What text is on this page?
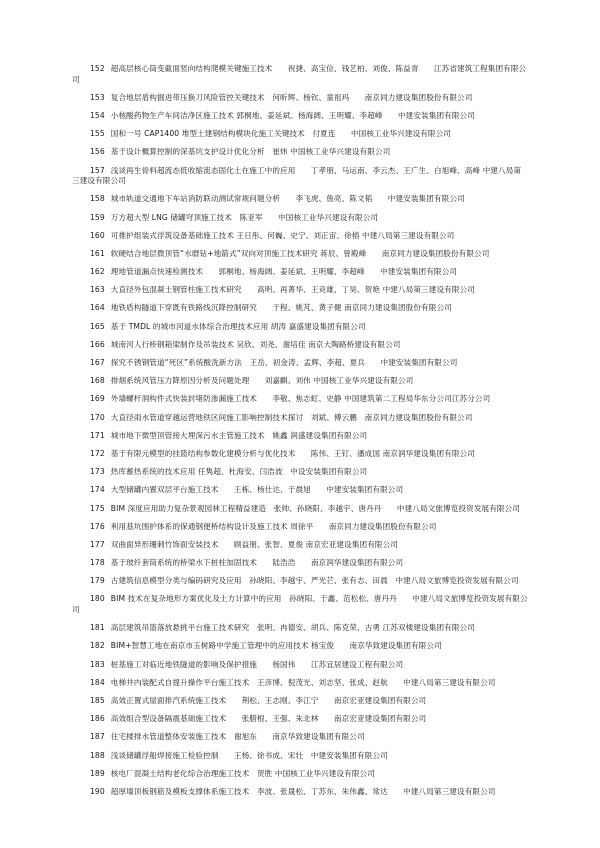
152 超高层核心筒变截面竖向结构爬模关键施工技术　　祝捷、高宝俭、钱艺柏、刘俊、陈益青　　江苏省建筑工程集团有限公司

153 复合地层盾构掘进带压换刀风险管控关键技术　何昕辉、杨钦、童祖玛　　南京同力建设集团股份有限公司

154 小核酸药物生产车间洁净区施工技术 郭桐地、姜延斌、杨海阔、王明耀、李超峰　　中建安装集团有限公司

155 国和一号 CAP1400 堆型土建钢结构模块化施工关键技术　付夏连　　中国核工业华兴建设有限公司

156 基于设计概算控制的深基坑支护设计优化分析　崔炜 中国核工业华兴建设有限公司

157 浅谈再生骨料超流态低收缩流态固化土在施工中的应用　　丁孝朋、马运南、李云杰、王广生、白旭峰、高峰 中建八局第三建设有限公司

158 城市轨道交通地下车站消防联动测试常规问题分析　　李飞虎、詹亮、陈文韬　　中建安装集团有限公司

159 万方超大型 LNG 储罐穹顶施工技术　陈亚军　　中国核工业华兴建设有限公司

160 可推护组装式浮筑设备基础施工技术 王日彤、何巍、史宁、刘正宙、徐榕 中建八局第三建设有限公司

161 软硬结合地层微顶管“水磨钻+地箭式”双向对顶施工技术研究 蒋辰、曾殿峰　　南京同力建设集团股份有限公司

162 理地管道漏点快速检测技术　　郭桐地、杨海阔、姜延斌、王明耀、李超峰　　中建安装集团有限公司

163 大直径外包混凝土钢管柱施工技术研究　　高明、再菁华、王竞雄、丁昊、贺艳 中建八局第三建设有限公司

164 地铁盾构隧道下穿既有铁路线沉降控制研究　　于程、姚芃、黄子健 南京同力建设集团股份有限公司

165 基于 TMDL 的城市河道水体综合治理技术应用 胡涛 嘉盛建设集团有限公司

166 城南河人行桥钢箱梁制作及吊装技术 吴欣、刘尧、谢培佳 南京大陶路桥建设有限公司

167 探究不锈钢管道“死区”系统酸洗新方法　王岳、初金涛、孟辉、李超、夏兵　　中建安装集团有限公司

168 排烟系统风管压力降原因分析及问题处理　　刘嘉麒、刘伟 中国核工业华兴建设有限公司

169 外墙螺杆洞构件式快装封堵防渗漏施工技术　　李敬、焦志虹、史静 中国建筑第二工程局华东分公司江苏分公司

170 大直径雨水管道穿越运营地铁区间施工影响控制技术探讨　刘斌、傅云鹏　南京同力建设集团股份有限公司

171 城市地下微型顶管接大埋深污水主管施工技术　姚鑫 润盛建设集团有限公司

172 基于有限元模型的挂篮结构参数化建模分析与优化技术　　陈伟、王钉、潘成国 南京润华建设集团有限公司

173 热库蓄热系统的技术应用 任隽超、杜海安、闫浩波　中设安装集团有限公司

174 大型储罐内置双层平台施工技术　　王栋、杨仕达、于晨旭　　中建安装集团有限公司

175 BIM 深度应用助力复杂景观园林工程精益建造　张帅、孙晓阳、李越宇、唐丹丹　　中建八局文旅博览投资发展有限公司

176 利用基坑围护体系的保通钢便桥结构设计及施工技术 周徐平　　南京同力建设集团股份有限公司

177 双曲面异形珊刺竹饰面安装技术　　顾益朋、张智、夏俊 南京宏亚建设集团有限公司

178 基于玻纤套筒系统的桥梁水下桩柱加固技术　　陆浩浩　　南京润华建设集团有限公司

179 古建筑信息模型分类与编码研究及应用　孙晓阳、李越宇、严光芒、张有志、田晨　中建八局文旅博览投资发展有限公司

180 BIM 技术在复杂地形方案优化及土方计算中的应用　孙晓阳、于鑫、范松松、唐丹丹　　中建八局文旅博览投资发展有限公司

181 高层建筑吊篮落放悬挑平台施工技术研究　张明、冉德安、胡兵、陈克荣、古勇 江苏双楼建设集团有限公司

182 BIM+智慧工地在南京市玉树路中学施工管理中的应用技术 杨宝俊　　南京华致建设集团有限公司

183 桩基施工对临近地铁隧道的影响及保护措施　　杨国伟　　江苏宜居建设工程有限公司

184 电梯井内装配式自提升操作平台施工技术　王彦博、倪茂光、刘志坚、张成、赵航　　中建八局第三建设有限公司

185 高效正置式屋面排汽系统施工技术　　荆松、王志刚、李江宁　　南京宏亚建设集团有限公司

186 高效组合型设备隔震基础施工技术　　张腊根、王强、朱北林　　南京宏亚建设集团有限公司

187 住宅楼排水管道整体安装施工技术　谢旭东　　南京华致建设集团有限公司

188 浅谈储罐浮船焊接施工检验控制　　王杨、徐书成、宋壮　中建安装集团有限公司

189 核电厂混凝土结构老化综合治理施工技术　贺胜 中国核工业华兴建设有限公司

190 超厚墙顶板钢筋及模板支撑体系施工技术　李波、张晟松、丁苏东、朱伟鑫、常达　　中建八局第三建设有限公司
